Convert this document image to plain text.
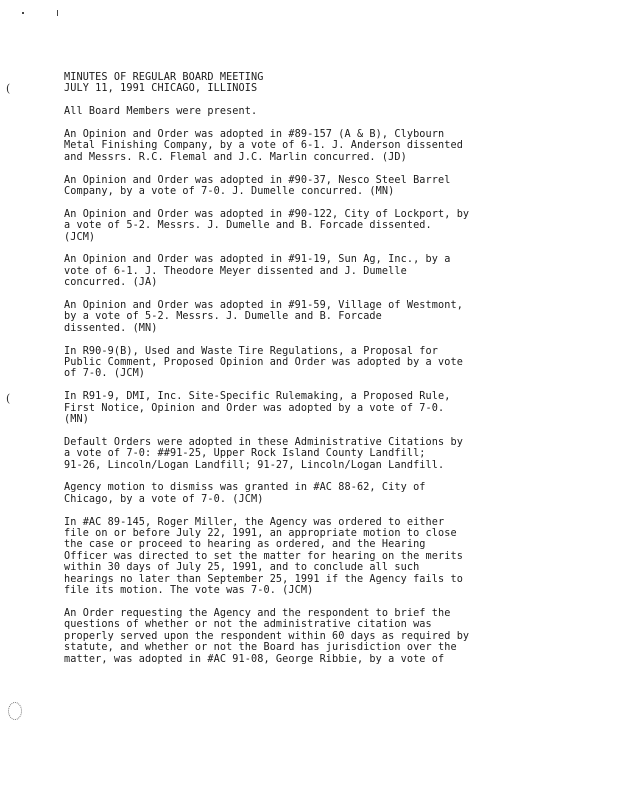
(
(
MINUTES OF REGULAR BOARD MEETING
JULY 11, 1991 CHICAGO, ILLINOIS

All Board Members were present.

An Opinion and Order was adopted in #89-157 (A & B), Clybourn
Metal Finishing Company, by a vote of 6-1. J. Anderson dissented
and Messrs. R.C. Flemal and J.C. Marlin concurred. (JD)

An Opinion and Order was adopted in #90-37, Nesco Steel Barrel
Company, by a vote of 7-0. J. Dumelle concurred. (MN)

An Opinion and Order was adopted in #90-122, City of Lockport, by
a vote of 5-2. Messrs. J. Dumelle and B. Forcade dissented.
(JCM)

An Opinion and Order was adopted in #91-19, Sun Ag, Inc., by a
vote of 6-1. J. Theodore Meyer dissented and J. Dumelle
concurred. (JA)

An Opinion and Order was adopted in #91-59, Village of Westmont,
by a vote of 5-2. Messrs. J. Dumelle and B. Forcade
dissented. (MN)

In R90-9(B), Used and Waste Tire Regulations, a Proposal for
Public Comment, Proposed Opinion and Order was adopted by a vote
of 7-0. (JCM)

In R91-9, DMI, Inc. Site-Specific Rulemaking, a Proposed Rule,
First Notice, Opinion and Order was adopted by a vote of 7-0.
(MN)

Default Orders were adopted in these Administrative Citations by
a vote of 7-0: ##91-25, Upper Rock Island County Landfill;
91-26, Lincoln/Logan Landfill; 91-27, Lincoln/Logan Landfill.

Agency motion to dismiss was granted in #AC 88-62, City of
Chicago, by a vote of 7-0. (JCM)

In #AC 89-145, Roger Miller, the Agency was ordered to either
file on or before July 22, 1991, an appropriate motion to close
the case or proceed to hearing as ordered, and the Hearing
Officer was directed to set the matter for hearing on the merits
within 30 days of July 25, 1991, and to conclude all such
hearings no later than September 25, 1991 if the Agency fails to
file its motion. The vote was 7-0. (JCM)

An Order requesting the Agency and the respondent to brief the
questions of whether or not the administrative citation was
properly served upon the respondent within 60 days as required by
statute, and whether or not the Board has jurisdiction over the
matter, was adopted in #AC 91-08, George Ribbie, by a vote of
